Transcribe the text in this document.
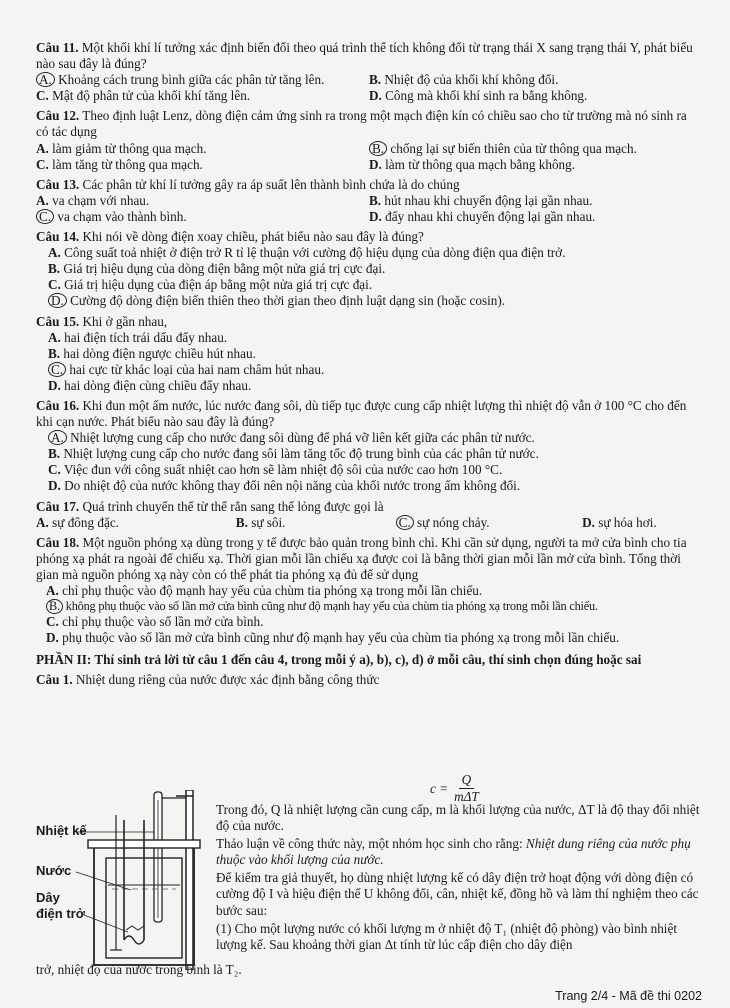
Câu 11. Một khối khí lí tưởng xác định biến đổi theo quá trình thể tích không đổi từ trạng thái X sang trạng thái Y, phát biểu nào sau đây là đúng?
A. Khoảng cách trung bình giữa các phân tử tăng lên.	B. Nhiệt độ của khối khí không đổi.
C. Mật độ phân tử của khối khí tăng lên.	D. Công mà khối khí sinh ra bằng không.
Câu 12. Theo định luật Lenz, dòng điện cảm ứng sinh ra trong một mạch điện kín có chiều sao cho từ trường mà nó sinh ra có tác dụng
A. làm giảm từ thông qua mạch.	B. chống lại sự biến thiên của từ thông qua mạch.
C. làm tăng từ thông qua mạch.	D. làm từ thông qua mạch bằng không.
Câu 13. Các phân tử khí lí tưởng gây ra áp suất lên thành bình chứa là do chúng
A. va chạm với nhau.	B. hút nhau khi chuyển động lại gần nhau.
C. va chạm vào thành bình.	D. đẩy nhau khi chuyển động lại gần nhau.
Câu 14. Khi nói về dòng điện xoay chiều, phát biểu nào sau đây là đúng?
A. Công suất toả nhiệt ở điện trở R tỉ lệ thuận với cường độ hiệu dụng của dòng điện qua điện trở.
B. Giá trị hiệu dụng của dòng điện bằng một nửa giá trị cực đại.
C. Giá trị hiệu dụng của điện áp bằng một nửa giá trị cực đại.
D. Cường độ dòng điện biến thiên theo thời gian theo định luật dạng sin (hoặc cosin).
Câu 15. Khi ở gần nhau,
A. hai điện tích trái dấu đẩy nhau.
B. hai dòng điện ngược chiều hút nhau.
C. hai cực từ khác loại của hai nam châm hút nhau.
D. hai dòng điện cùng chiều đẩy nhau.
Câu 16. Khi đun một ấm nước, lúc nước đang sôi, dù tiếp tục được cung cấp nhiệt lượng thì nhiệt độ vẫn ở 100 °C cho đến khi cạn nước. Phát biểu nào sau đây là đúng?
A. Nhiệt lượng cung cấp cho nước đang sôi dùng để phá vỡ liên kết giữa các phân tử nước.
B. Nhiệt lượng cung cấp cho nước đang sôi làm tăng tốc độ trung bình của các phân tử nước.
C. Việc đun với công suất nhiệt cao hơn sẽ làm nhiệt độ sôi của nước cao hơn 100 °C.
D. Do nhiệt độ của nước không thay đổi nên nội năng của khối nước trong ấm không đổi.
Câu 17. Quá trình chuyển thể từ thể rắn sang thể lỏng được gọi là
A. sự đông đặc.	B. sự sôi.	C. sự nóng chảy.	D. sự hóa hơi.
Câu 18. Một nguồn phóng xạ dùng trong y tế được bảo quản trong bình chì. Khi cần sử dụng, người ta mở cửa bình cho tia phóng xạ phát ra ngoài để chiếu xạ. Thời gian mỗi lần chiếu xạ được coi là bằng thời gian mỗi lần mở cửa bình. Tổng thời gian mà nguồn phóng xạ này còn có thể phát tia phóng xạ đủ để sử dụng
A. chỉ phụ thuộc vào độ mạnh hay yếu của chùm tia phóng xạ trong mỗi lần chiếu.
B. không phụ thuộc vào số lần mở cửa bình cũng như độ mạnh hay yếu của chùm tia phóng xạ trong mỗi lần chiếu.
C. chỉ phụ thuộc vào số lần mở cửa bình.
D. phụ thuộc vào số lần mở cửa bình cũng như độ mạnh hay yếu của chùm tia phóng xạ trong mỗi lần chiếu.
PHẦN II: Thí sinh trả lời từ câu 1 đến câu 4, trong mỗi ý a), b), c), d) ở mỗi câu, thí sinh chọn đúng hoặc sai
Câu 1. Nhiệt dung riêng của nước được xác định bằng công thức
$c = \frac{Q}{\text{mΔT}}$
Nhiệt kế
Nước
Dây
điện trở

Trong đó, Q là nhiệt lượng cần cung cấp, m là khối lượng của nước, ΔT là độ thay đổi nhiệt độ của nước.

Thảo luận về công thức này, một nhóm học sinh cho rằng: Nhiệt dung riêng của nước phụ thuộc vào khối lượng của nước.

Để kiểm tra giả thuyết, họ dùng nhiệt lượng kế có dây điện trở hoạt động với dòng điện có cường độ I và hiệu điện thế U không đổi, cân, nhiệt kế, đồng hồ và làm thí nghiệm theo các bước sau:

(1) Cho một lượng nước có khối lượng m ở nhiệt độ T₁ (nhiệt độ phòng) vào bình nhiệt lượng kế. Sau khoảng thời gian Δt tính từ lúc cấp điện cho dây điện

trở, nhiệt độ của nước trong bình là T₂.
Trang 2/4 - Mã đề thi 0202
